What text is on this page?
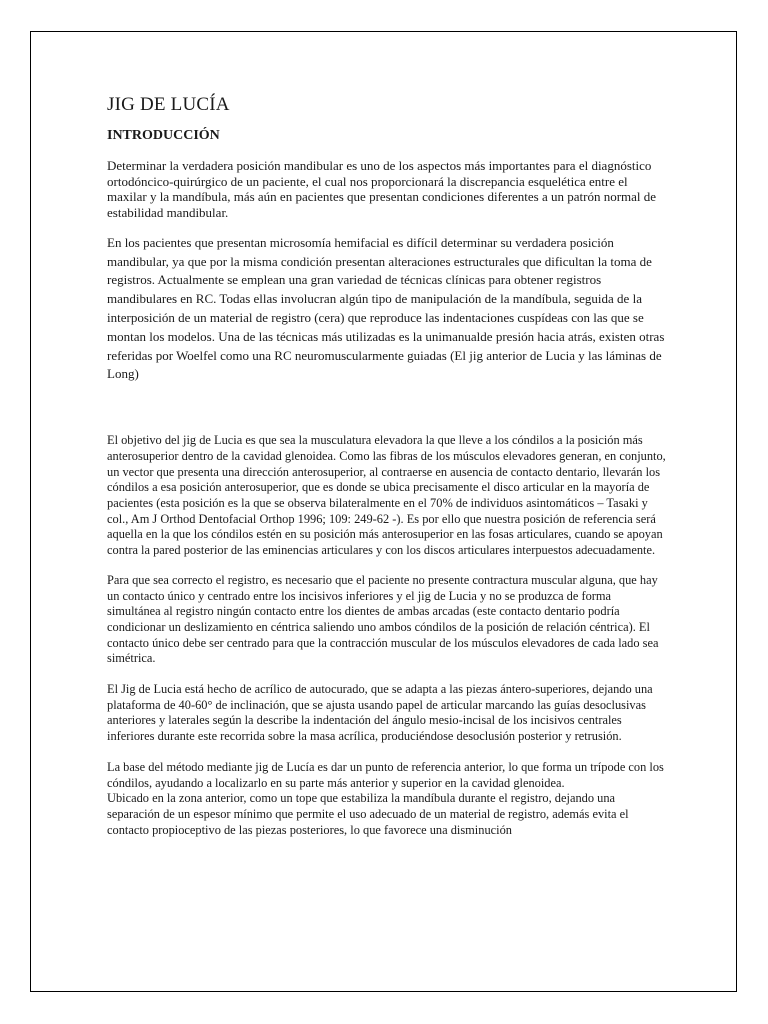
JIG DE LUCÍA
INTRODUCCIÓN

Determinar la verdadera posición mandibular es uno de los aspectos más importantes para el diagnóstico ortodóncico-quirúrgico de un paciente, el cual nos proporcionará la discrepancia esquelética entre el maxilar y la mandíbula, más aún en pacientes que presentan condiciones diferentes a un patrón normal de estabilidad mandibular.

En los pacientes que presentan microsomía hemifacial es difícil determinar su verdadera posición mandibular, ya que por la misma condición presentan alteraciones estructurales que dificultan la toma de registros. Actualmente se emplean una gran variedad de técnicas clínicas para obtener registros mandibulares en RC. Todas ellas involucran algún tipo de manipulación de la mandíbula, seguida de la interposición de un material de registro (cera) que reproduce las indentaciones cuspídeas con las que se montan los modelos. Una de las técnicas más utilizadas es la unimanualde presión hacia atrás, existen otras referidas por Woelfel como una RC neuromuscularmente guiadas (El jig anterior de Lucia y las láminas de Long)

El objetivo del jig de Lucia es que sea la musculatura elevadora la que lleve a los cóndilos a la posición más anterosuperior dentro de la cavidad glenoidea. Como las fibras de los músculos elevadores generan, en conjunto, un vector que presenta una dirección anterosuperior, al contraerse en ausencia de contacto dentario, llevarán los cóndilos a esa posición anterosuperior, que es donde se ubica precisamente el disco articular en la mayoría de pacientes (esta posición es la que se observa bilateralmente en el 70% de individuos asintomáticos – Tasaki y col., Am J Orthod Dentofacial Orthop 1996; 109: 249-62 -). Es por ello que nuestra posición de referencia será aquella en la que los cóndilos estén en su posición más anterosuperior en las fosas articulares, cuando se apoyan contra la pared posterior de las eminencias articulares y con los discos articulares interpuestos adecuadamente.

Para que sea correcto el registro, es necesario que el paciente no presente contractura muscular alguna, que hay un contacto único y centrado entre los incisivos inferiores y el jig de Lucia y no se produzca de forma simultánea al registro ningún contacto entre los dientes de ambas arcadas (este contacto dentario podría condicionar un deslizamiento en céntrica saliendo uno ambos cóndilos de la posición de relación céntrica). El contacto único debe ser centrado para que la contracción muscular de los músculos elevadores de cada lado sea simétrica.

El Jig de Lucia está hecho de acrílico de autocurado, que se adapta a las piezas ántero-superiores, dejando una plataforma de 40-60° de inclinación, que se ajusta usando papel de articular marcando las guías desoclusivas anteriores y laterales según la describe la indentación del ángulo mesio-incisal de los incisivos centrales inferiores durante este recorrida sobre la masa acrílica, produciéndose desoclusión posterior y retrusión.

La base del método mediante jig de Lucía es dar un punto de referencia anterior, lo que forma un trípode con los cóndilos, ayudando a localizarlo en su parte más anterior y superior en la cavidad glenoidea.

Ubicado en la zona anterior, como un tope que estabiliza la mandíbula durante el registro, dejando una separación de un espesor mínimo que permite el uso adecuado de un material de registro, además evita el contacto propioceptivo de las piezas posteriores, lo que favorece una disminución
